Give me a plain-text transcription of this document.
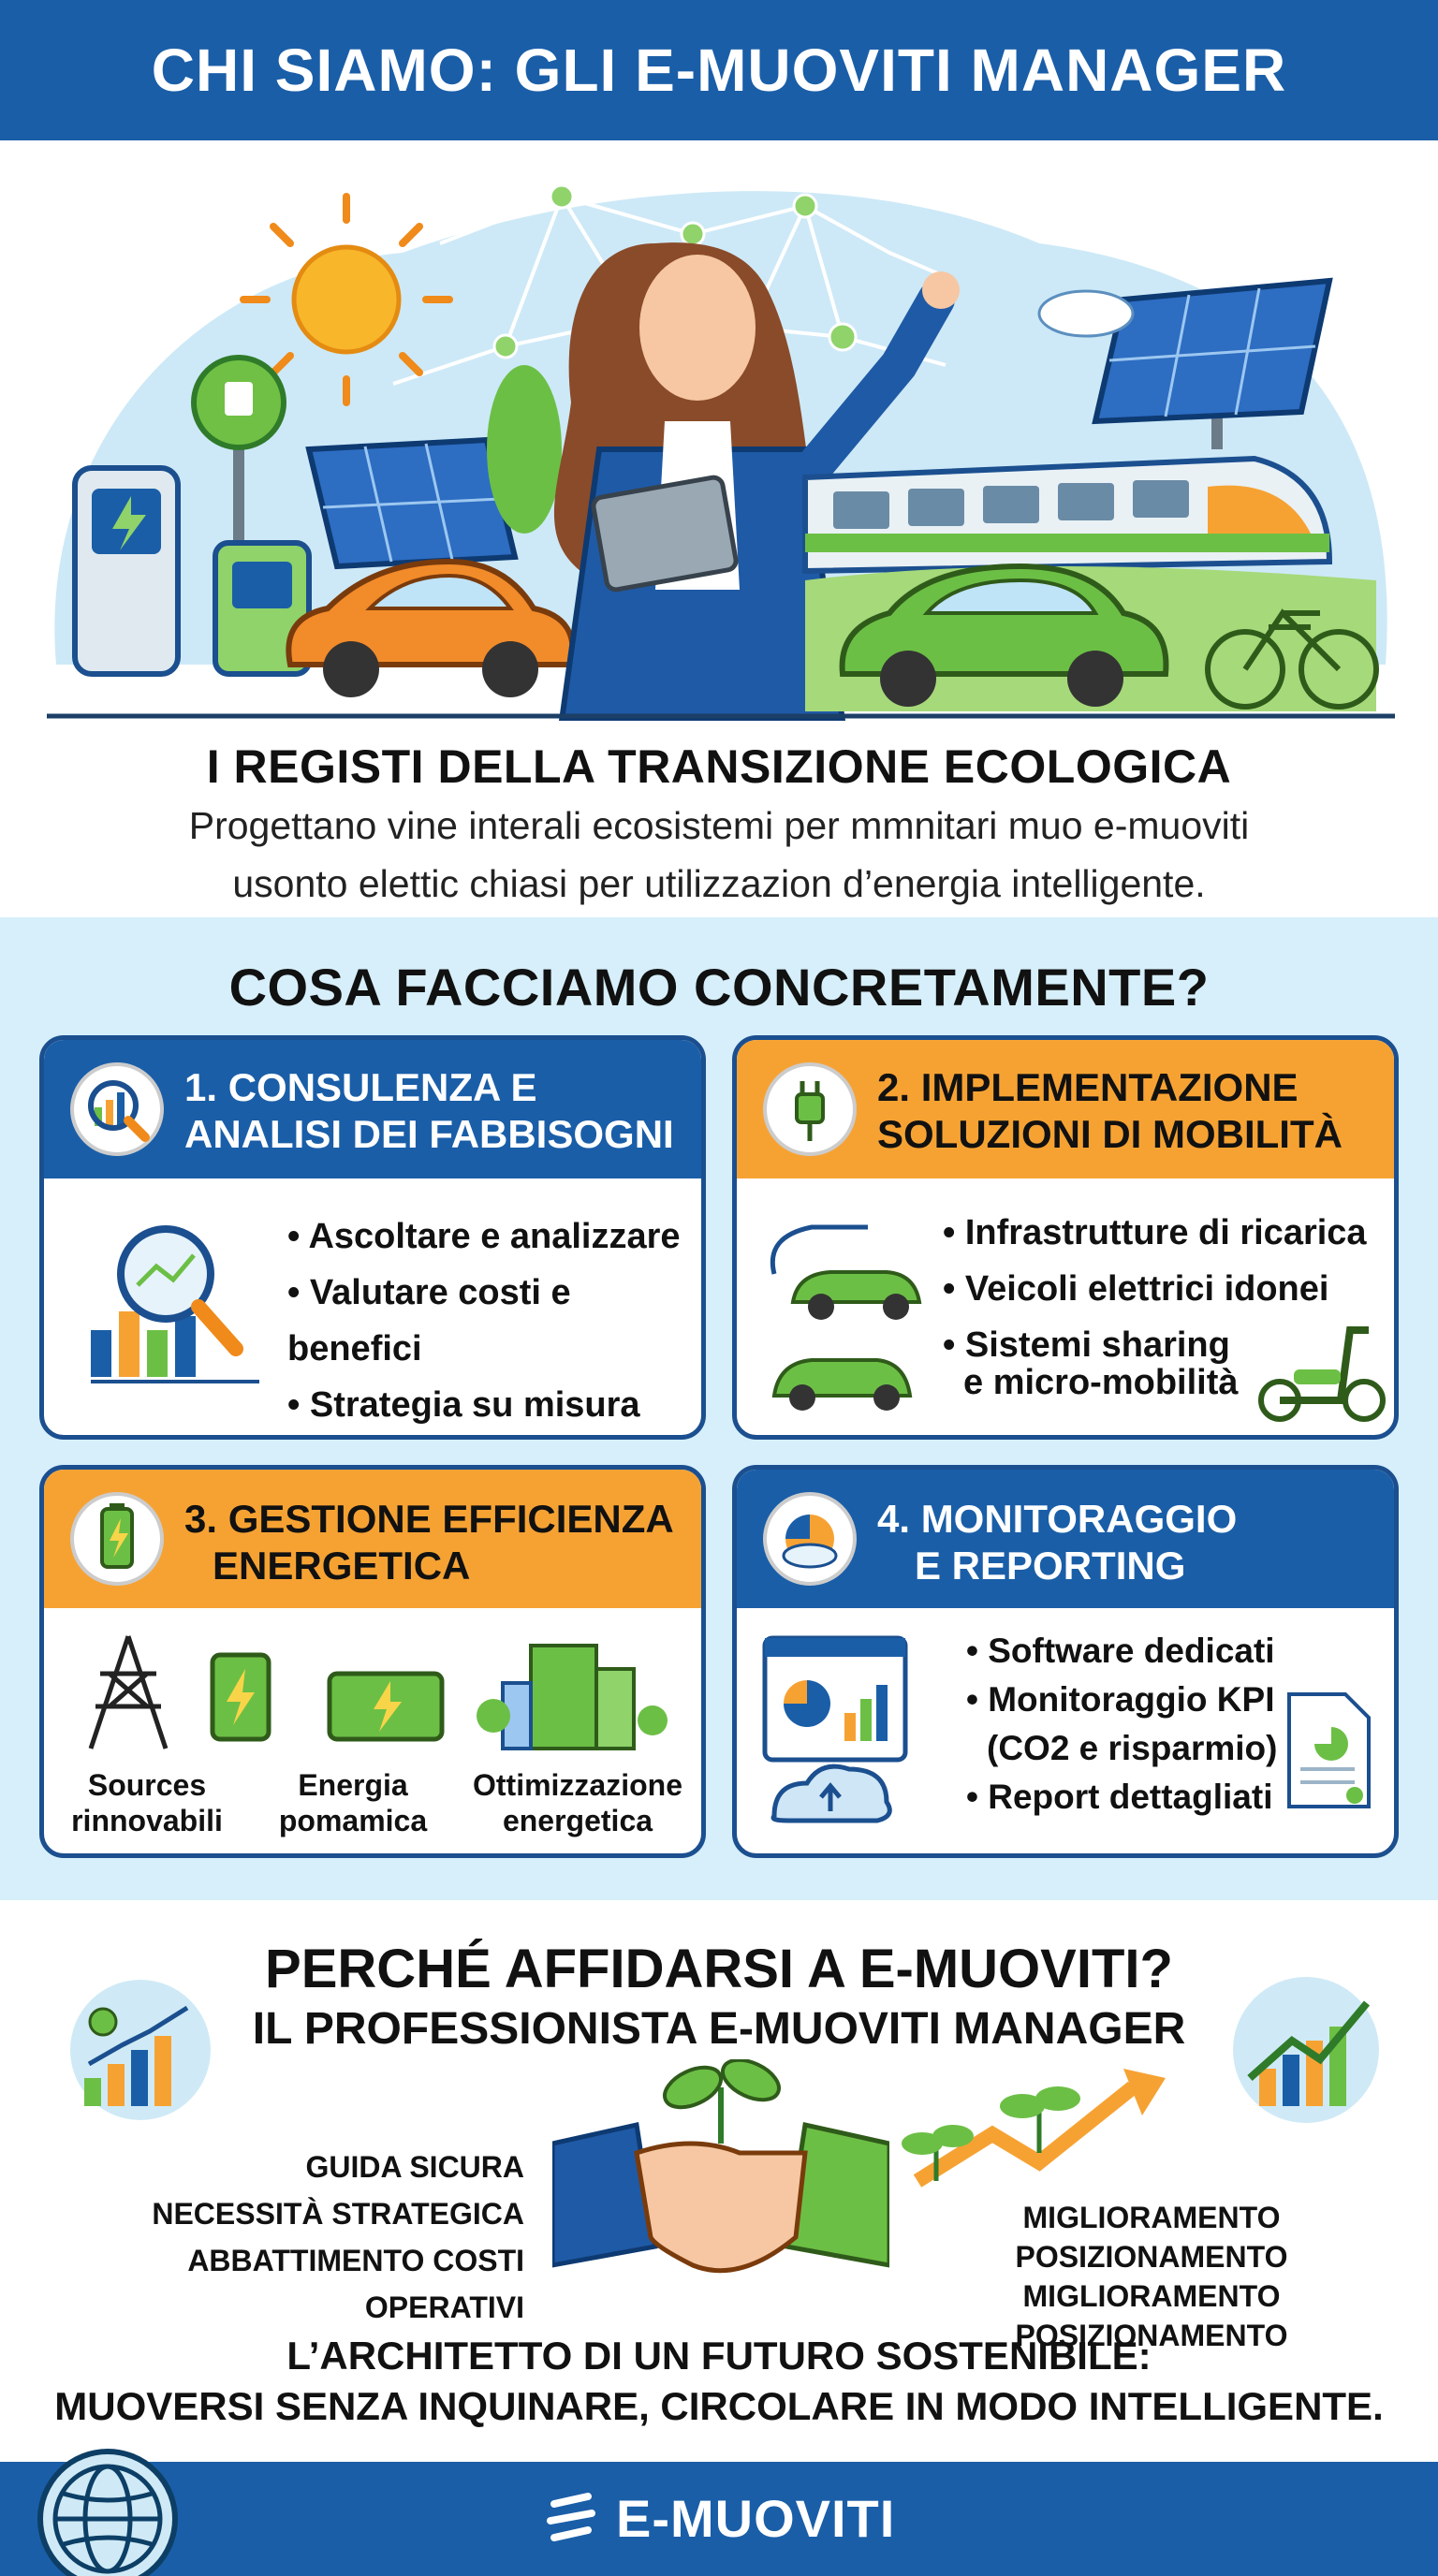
CHI SIAMO: GLI E-MUOVITI MANAGER
I REGISTI DELLA TRANSIZIONE ECOLOGICA

Progettano vine interali ecosistemi per mmnitari muo e-muoviti

usonto elettic chiasi per utilizzazion d’energia intelligente.

COSA FACCIAMO CONCRETAMENTE?
1. CONSULENZA E
ANALISI DEI FABBISOGNI
• Ascoltare e analizzare
• Valutare costi e benefici
• Strategia su misura
2. IMPLEMENTAZIONE
SOLUZIONI DI MOBILITÀ
• Infrastrutture di ricarica
• Veicoli elettrici idonei
• Sistemi sharing
e micro-mobilità
3. GESTIONE EFFICIENZA
ENERGETICA
Sources
rinnovabili
Energia
pomamica
Ottimizzazione
energetica
4. MONITORAGGIO
E REPORTING
• Software dedicati
• Monitoraggio KPI
(CO2 e risparmio)
• Report dettagliati
PERCHÉ AFFIDARSI A E-MUOVITI?
IL PROFESSIONISTA E-MUOVITI MANAGER
GUIDA SICURA
NECESSITÀ STRATEGICA
ABBATTIMENTO COSTI OPERATIVI
MIGLIORAMENTO POSIZIONAMENTO
MIGLIORAMENTO POSIZIONAMENTO
L’ARCHITETTO DI UN FUTURO SOSTENIBILE:
MUOVERSI SENZA INQUINARE, CIRCOLARE IN MODO INTELLIGENTE.
E-MUOVITI
